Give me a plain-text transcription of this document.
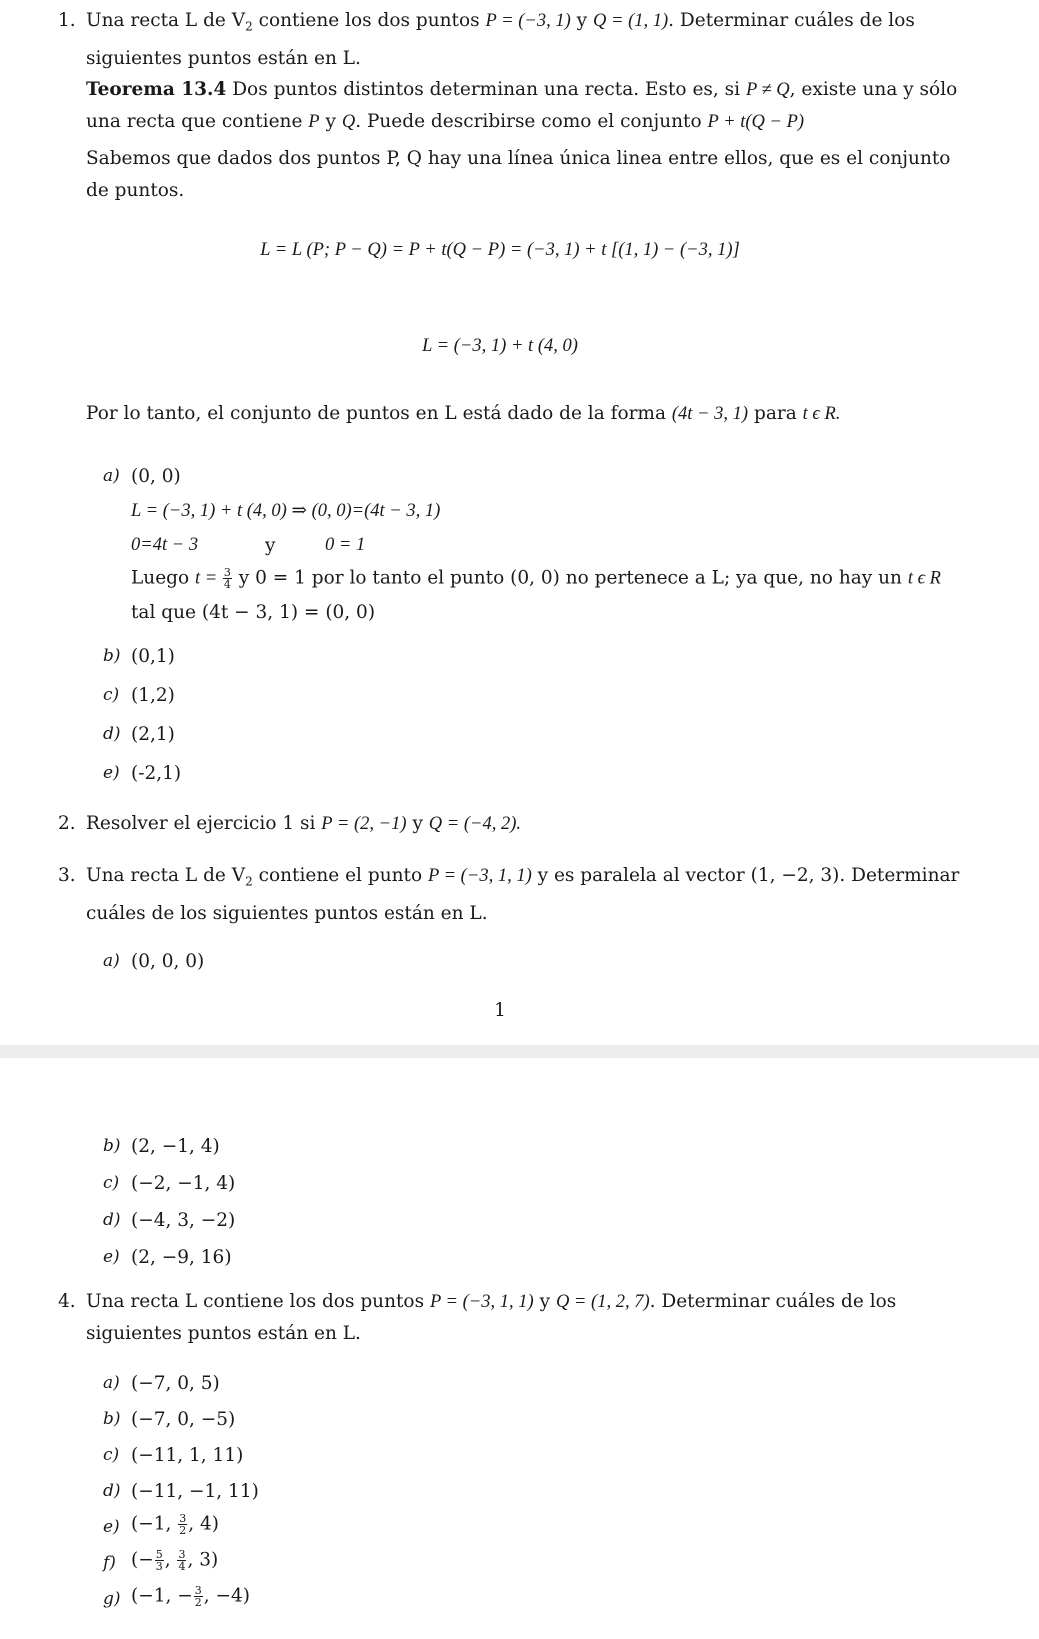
1. Una recta L de $V_2$ contiene los dos puntos P = (−3, 1) y Q = (1, 1). Determinar cuáles de los siguientes puntos están en L.
Teorema 13.4 Dos puntos distintos determinan una recta. Esto es, si P ≠ Q, existe una y sólo una recta que contiene P y Q. Puede describirse como el conjunto P + t(Q − P)
Sabemos que dados dos puntos P, Q hay una línea única linea entre ellos, que es el conjunto de puntos.
L = L (P; P − Q) = P + t(Q − P) = (−3, 1) + t [(1, 1) − (−3, 1)]
L = (−3, 1) + t (4, 0)
Por lo tanto, el conjunto de puntos en L está dado de la forma (4t − 3, 1) para t ϵ R.
a) (0, 0)
L = (−3, 1) + t (4, 0) ⇒ (0, 0)=(4t − 3, 1)
0=4t − 3	y	0 = 1
Luego $t = \frac{3}{4}$ y 0 = 1 por lo tanto el punto (0, 0) no pertenece a L; ya que, no hay un t ϵ R
tal que (4t − 3, 1) = (0, 0)
b) (0,1)
c) (1,2)
d) (2,1)
e) (-2,1)
2. Resolver el ejercicio 1 si P = (2, −1) y Q = (−4, 2).
3. Una recta L de $V_2$ contiene el punto P = (−3, 1, 1) y es paralela al vector (1, −2, 3). Determinar cuáles de los siguientes puntos están en L.
a) (0, 0, 0)
1
b) (2, −1, 4)
c) (−2, −1, 4)
d) (−4, 3, −2)
e) (2, −9, 16)
4. Una recta L contiene los dos puntos P = (−3, 1, 1) y Q = (1, 2, 7). Determinar cuáles de los siguientes puntos están en L.
a) (−7, 0, 5)
b) (−7, 0, −5)
c) (−11, 1, 11)
d) (−11, −1, 11)
e) (−1, $\frac{3}{2}$ , 4)
f) (− $\frac{5}{3}$ , $\frac{3}{4}$ , 3)
g) (−1, − $\frac{3}{2}$ , −4)
